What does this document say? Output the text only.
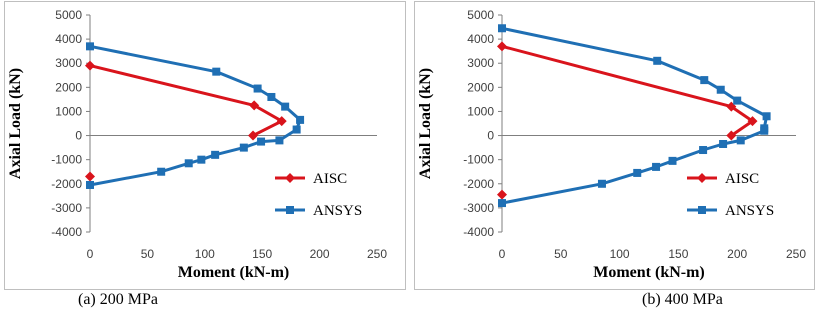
5000
4000
3000
2000
1000
0
-1000
-2000
-3000
-4000
0	50	100	150	200	250
Moment (kN-m)
Axial Load (kN)	AISC
ANSYS
5000
4000
3000
2000
1000
0
-1000
-2000
-3000
-4000
0	50	100	150	200	250
Moment (kN-m)
Axial Load (kN)	AISC
ANSYS
(a) 200 MPa	(b) 400 MPa
